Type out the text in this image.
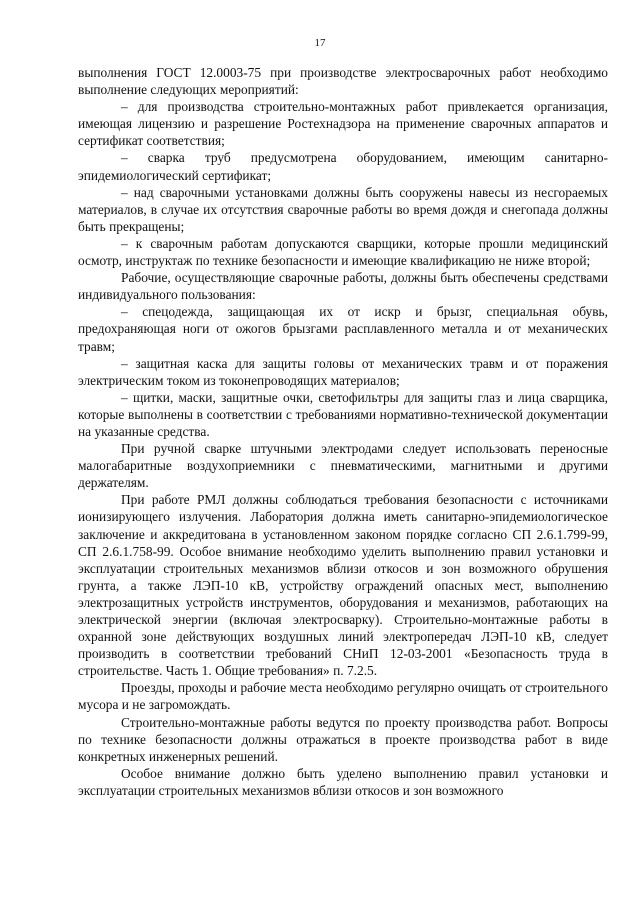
17

выполнения ГОСТ 12.0003-75 при производстве электросварочных работ необходимо выполнение следующих мероприятий:

– для производства строительно-монтажных работ привлекается организация, имеющая лицензию и разрешение Ростехнадзора на применение сварочных аппаратов и сертификат соответствия;

– сварка труб предусмотрена оборудованием, имеющим санитарно-эпидемиологический сертификат;

– над сварочными установками должны быть сооружены навесы из несгораемых материалов, в случае их отсутствия сварочные работы во время дождя и снегопада должны быть прекращены;

– к сварочным работам допускаются сварщики, которые прошли медицинский осмотр, инструктаж по технике безопасности и имеющие квалификацию не ниже второй;

Рабочие, осуществляющие сварочные работы, должны быть обеспечены средствами индивидуального пользования:

– спецодежда, защищающая их от искр и брызг, специальная обувь, предохраняющая ноги от ожогов брызгами расплавленного металла и от механических травм;

– защитная каска для защиты головы от механических травм и от поражения электрическим током из токонепроводящих материалов;

– щитки, маски, защитные очки, светофильтры для защиты глаз и лица сварщика, которые выполнены в соответствии с требованиями нормативно-технической документации на указанные средства.

При ручной сварке штучными электродами следует использовать переносные малогабаритные воздухоприемники с пневматическими, магнитными и другими держателям.

При работе РМЛ должны соблюдаться требования безопасности с источниками ионизирующего излучения. Лаборатория должна иметь санитарно-эпидемиологическое заключение и аккредитована в установленном законом порядке согласно СП 2.6.1.799-99, СП 2.6.1.758-99. Особое внимание необходимо уделить выполнению правил установки и эксплуатации строительных механизмов вблизи откосов и зон возможного обрушения грунта, а также ЛЭП-10 кВ, устройству ограждений опасных мест, выполнению электрозащитных устройств инструментов, оборудования и механизмов, работающих на электрической энергии (включая электросварку). Строительно-монтажные работы в охранной зоне действующих воздушных линий электропередач ЛЭП-10 кВ, следует производить в соответствии требований СНиП 12-03-2001 «Безопасность труда в строительстве. Часть 1. Общие требования» п. 7.2.5.

Проезды, проходы и рабочие места необходимо регулярно очищать от строительного мусора и не загромождать.

Строительно-монтажные работы ведутся по проекту производства работ. Вопросы по технике безопасности должны отражаться в проекте производства работ в виде конкретных инженерных решений.

Особое внимание должно быть уделено выполнению правил установки и эксплуатации строительных механизмов вблизи откосов и зон возможного
